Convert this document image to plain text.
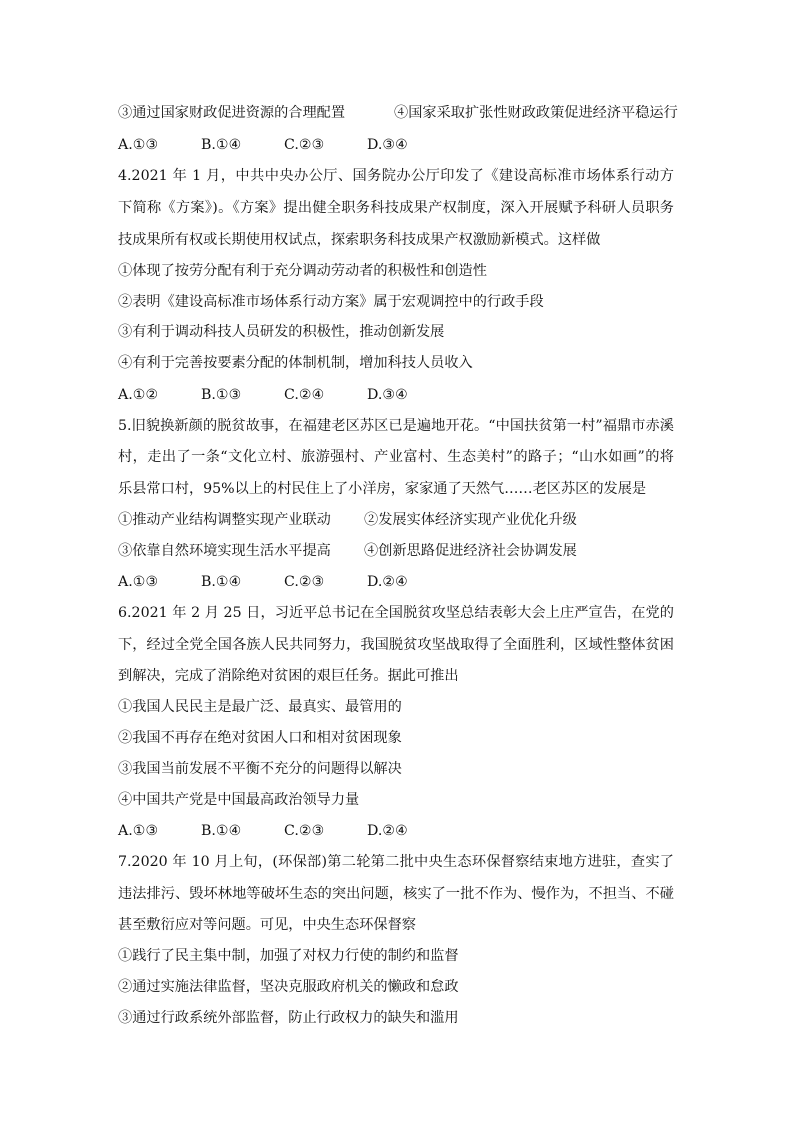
③通过国家财政促进资源的合理配置	④国家采取扩张性财政政策促进经济平稳运行
A.①③	B.①④	C.②③	D.③④
4.2021 年 1 月，中共中央办公厅、国务院办公厅印发了《建设高标准市场体系行动方
下简称《方案》)。《方案》提出健全职务科技成果产权制度，深入开展赋予科研人员职务
技成果所有权或长期使用权试点，探索职务科技成果产权激励新模式。这样做
①体现了按劳分配有利于充分调动劳动者的积极性和创造性
②表明《建设高标准市场体系行动方案》属于宏观调控中的行政手段
③有利于调动科技人员研发的积极性，推动创新发展
④有利于完善按要素分配的体制机制，增加科技人员收入
A.①②	B.①③	C.②④	D.③④
5.旧貌换新颜的脱贫故事，在福建老区苏区已是遍地开花。“中国扶贫第一村”福鼎市赤溪
村，走出了一条“文化立村、旅游强村、产业富村、生态美村”的路子；“山水如画”的将
乐县常口村，95%以上的村民住上了小洋房，家家通了天然气……老区苏区的发展是
①推动产业结构调整实现产业联动 ②发展实体经济实现产业优化升级
③依靠自然环境实现生活水平提高 ④创新思路促进经济社会协调发展
A.①③	B.①④	C.②③	D.②④
6.2021 年 2 月 25 日，习近平总书记在全国脱贫攻坚总结表彰大会上庄严宣告，在党的
下，经过全党全国各族人民共同努力，我国脱贫攻坚战取得了全面胜利，区域性整体贫困
到解决，完成了消除绝对贫困的艰巨任务。据此可推出
①我国人民民主是最广泛、最真实、最管用的
②我国不再存在绝对贫困人口和相对贫困现象
③我国当前发展不平衡不充分的问题得以解决
④中国共产党是中国最高政治领导力量
A.①③	B.①④	C.②③	D.②④
7.2020 年 10 月上旬，(环保部)第二轮第二批中央生态环保督察结束地方进驻，查实了
违法排污、毁坏林地等破坏生态的突出问题，核实了一批不作为、慢作为，不担当、不碰
甚至敷衍应对等问题。可见，中央生态环保督察
①践行了民主集中制，加强了对权力行使的制约和监督
②通过实施法律监督，坚决克服政府机关的懒政和怠政
③通过行政系统外部监督，防止行政权力的缺失和滥用
